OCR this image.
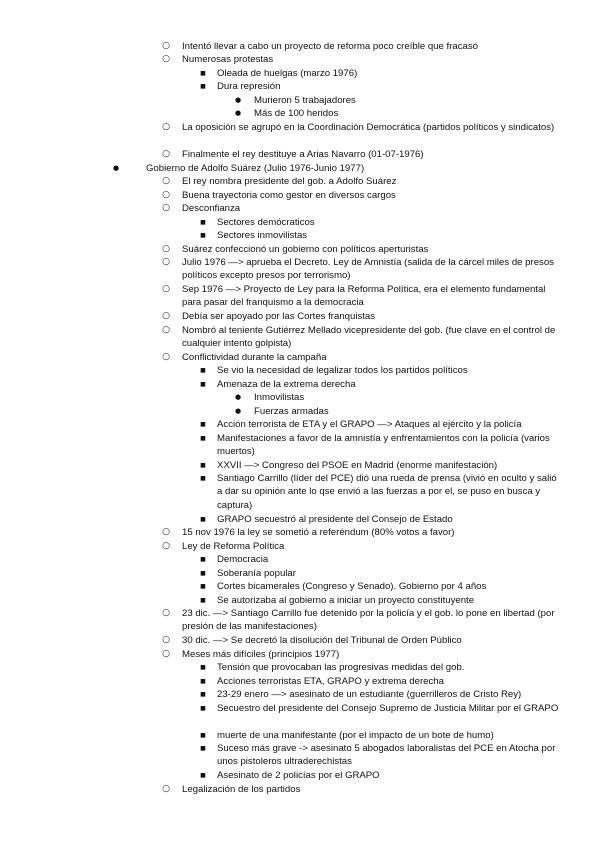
○ Intentó llevar a cabo un proyecto de reforma poco creíble que fracasó
○ Numerosas protestas
■ Oleada de huelgas (marzo 1976)
■ Dura represión
● Murieron 5 trabajadores
● Más de 100 heridos
○ La oposición se agrupó en la Coordinación Democrática (partidos políticos y sindicatos)
○ Finalmente el rey destituye a Arias Navarro (01-07-1976)
●	Gobierno de Adolfo Suárez (Julio 1976-Junio 1977)
○ El rey nombra presidente del gob. a Adolfo Suárez
○ Buena trayectoria como gestor en diversos cargos
○ Desconfianza
■ Sectores demócraticos
■ Sectores inmovilistas
○ Suárez confeccionó un gobierno con políticos aperturistas
○ Julio 1976 —> aprueba el Decreto. Ley de Amnistía (salida de la cárcel miles de presos políticos excepto presos por terrorismo)
○ Sep 1976 —> Proyecto de Ley para la Reforma Política, era el elemento fundamental para pasar del franquismo a la democracia
○ Debía ser apoyado por las Cortes franquistas
○ Nombró al teniente Gutiérrez Mellado vicepresidente del gob. (fue clave en el control de cualquier intento golpista)
○ Conflictividad durante la campaña
■ Se vio la necesidad de legalizar todos los partidos políticos
■ Amenaza de la extrema derecha
● Inmovilistas
● Fuerzas armadas
■ Acción terrorista de ETA y el GRAPO —> Ataques al ejército y la policía
■ Manifestaciones a favor de la amnistía y enfrentamientos con la policía (varios muertos)
■ XXVII —> Congreso del PSOE en Madrid (enorme manifestación)
■ Santiago Carrillo (líder del PCE) dió una rueda de prensa (vivió en oculto y salió a dar su opinión ante lo qse envió a las fuerzas a por el, se puso en busca y captura)
■ GRAPO secuestró al presidente del Consejo de Estado
○ 15 nov 1976 la ley se sometió a referéndum (80% votos a favor)
○ Ley de Reforma Política
■ Democracia
■ Soberanía popular
■ Cortes bicamerales (Congreso y Senado). Gobierno por 4 años
■ Se autorizaba al gobierno a iniciar un proyecto constituyente
○ 23 dic. —> Santiago Carrillo fue detenido por la policía y el gob. lo pone en libertad (por presión de las manifestaciones)
○ 30 dic. —> Se decretó la disolución del Tribunal de Orden Público
○ Meses más difíciles (principios 1977)
■ Tensión que provocaban las progresivas medidas del gob.
■ Acciones terroristas ETA, GRAPO y extrema derecha
■ 23-29 enero —> asesinato de un estudiante (guerrilleros de Cristo Rey)
■ Secuestro del presidente del Consejo Supremo de Justicia Militar por el GRAPO
■ muerte de una manifestante (por el impacto de un bote de humo)
■ Suceso más grave -> asesinato 5 abogados laboralistas del PCE en Atocha por unos pistoleros ultraderechistas
■ Asesinato de 2 policías por el GRAPO
○ Legalización de los partidos
